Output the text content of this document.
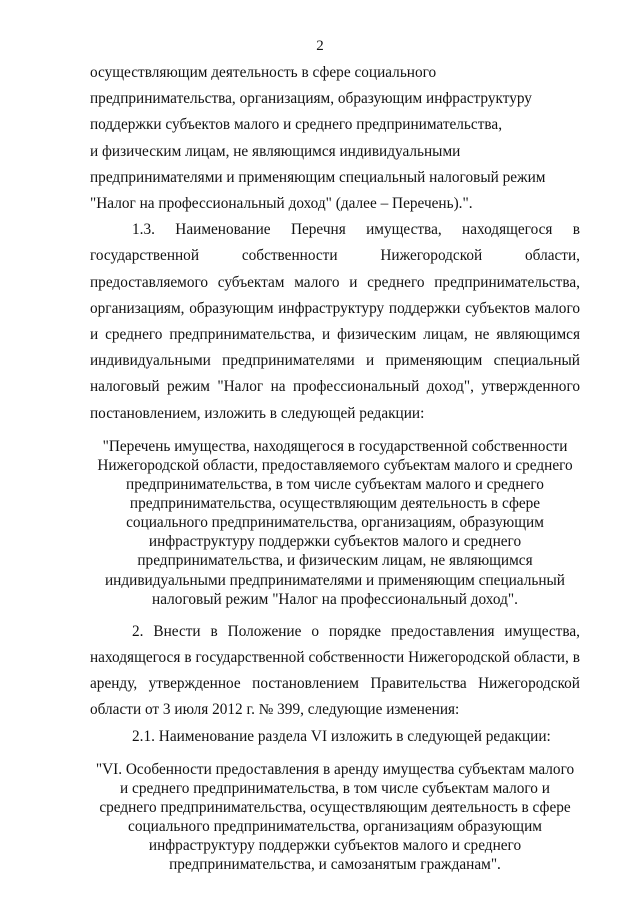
2

осуществляющим деятельность в сфере социального

предпринимательства, организациям, образующим инфраструктуру

поддержки субъектов малого и среднего предпринимательства,

и физическим лицам, не являющимся индивидуальными

предпринимателями и применяющим специальный налоговый режим

"Налог на профессиональный доход" (далее – Перечень).".

1.3. Наименование Перечня имущества, находящегося в государственной собственности Нижегородской области, предоставляемого субъектам малого и среднего предпринимательства, организациям, образующим инфраструктуру поддержки субъектов малого и среднего предпринимательства, и физическим лицам, не являющимся индивидуальными предпринимателями и применяющим специальный налоговый режим "Налог на профессиональный доход", утвержденного постановлением, изложить в следующей редакции:

"Перечень имущества, находящегося в государственной собственности Нижегородской области, предоставляемого субъектам малого и среднего предпринимательства, в том числе субъектам малого и среднего предпринимательства, осуществляющим деятельность в сфере социального предпринимательства, организациям, образующим инфраструктуру поддержки субъектов малого и среднего предпринимательства, и физическим лицам, не являющимся индивидуальными предпринимателями и применяющим специальный налоговый режим "Налог на профессиональный доход".

2. Внести в Положение о порядке предоставления имущества, находящегося в государственной собственности Нижегородской области, в аренду, утвержденное постановлением Правительства Нижегородской области от 3 июля 2012 г. № 399, следующие изменения:

2.1. Наименование раздела VI изложить в следующей редакции:

"VI. Особенности предоставления в аренду имущества субъектам малого и среднего предпринимательства, в том числе субъектам малого и среднего предпринимательства, осуществляющим деятельность в сфере социального предпринимательства, организациям образующим инфраструктуру поддержки субъектов малого и среднего предпринимательства, и самозанятым гражданам".
